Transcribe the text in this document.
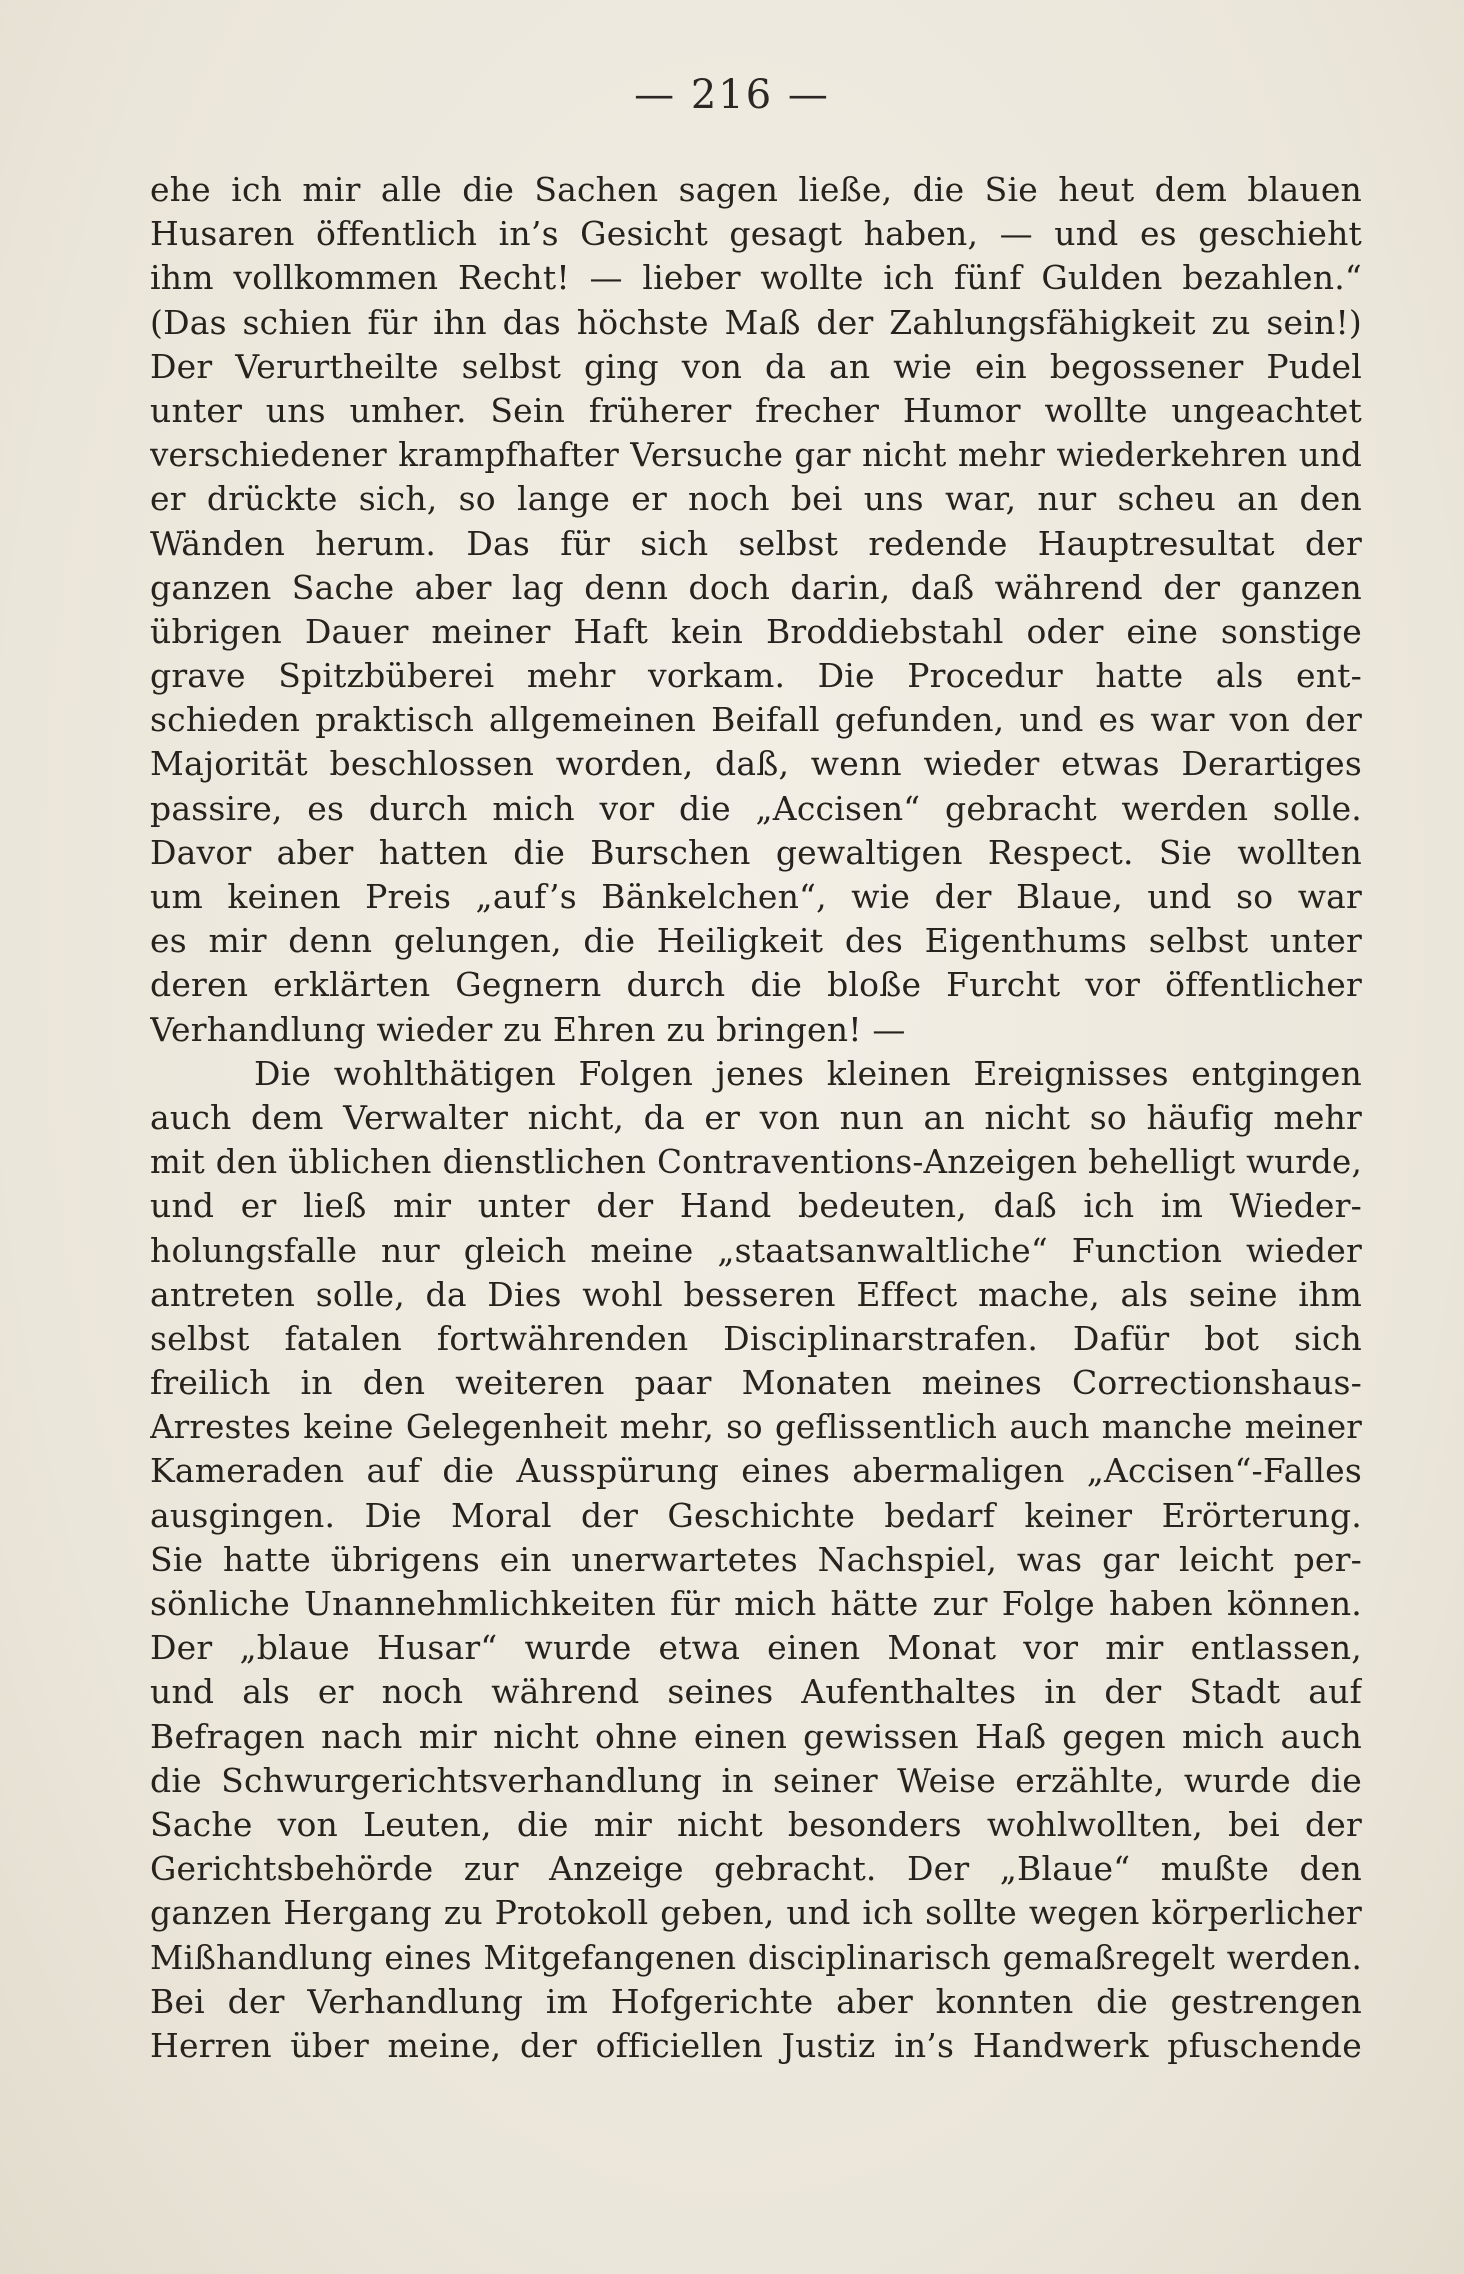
— 216 —
ehe ich mir alle die Sachen sagen ließe, die Sie heut dem blauen
Husaren öffentlich in’s Gesicht gesagt haben, — und es geschieht
ihm vollkommen Recht! — lieber wollte ich fünf Gulden bezahlen.“
(Das schien für ihn das höchste Maß der Zahlungsfähigkeit zu sein!)
Der Verurtheilte selbst ging von da an wie ein begossener Pudel
unter uns umher. Sein früherer frecher Humor wollte ungeachtet
verschiedener krampfhafter Versuche gar nicht mehr wiederkehren und
er drückte sich, so lange er noch bei uns war, nur scheu an den
Wänden herum. Das für sich selbst redende Hauptresultat der
ganzen Sache aber lag denn doch darin, daß während der ganzen
übrigen Dauer meiner Haft kein Broddiebstahl oder eine sonstige
grave Spitzbüberei mehr vorkam. Die Procedur hatte als ent-
schieden praktisch allgemeinen Beifall gefunden, und es war von der
Majorität beschlossen worden, daß, wenn wieder etwas Derartiges
passire, es durch mich vor die „Accisen“ gebracht werden solle.
Davor aber hatten die Burschen gewaltigen Respect. Sie wollten
um keinen Preis „auf’s Bänkelchen“, wie der Blaue, und so war
es mir denn gelungen, die Heiligkeit des Eigenthums selbst unter
deren erklärten Gegnern durch die bloße Furcht vor öffentlicher
Verhandlung wieder zu Ehren zu bringen! —
Die wohlthätigen Folgen jenes kleinen Ereignisses entgingen
auch dem Verwalter nicht, da er von nun an nicht so häufig mehr
mit den üblichen dienstlichen Contraventions-Anzeigen behelligt wurde,
und er ließ mir unter der Hand bedeuten, daß ich im Wieder-
holungsfalle nur gleich meine „staatsanwaltliche“ Function wieder
antreten solle, da Dies wohl besseren Effect mache, als seine ihm
selbst fatalen fortwährenden Disciplinarstrafen. Dafür bot sich
freilich in den weiteren paar Monaten meines Correctionshaus-
Arrestes keine Gelegenheit mehr, so geflissentlich auch manche meiner
Kameraden auf die Ausspürung eines abermaligen „Accisen“-Falles
ausgingen. Die Moral der Geschichte bedarf keiner Erörterung.
Sie hatte übrigens ein unerwartetes Nachspiel, was gar leicht per-
sönliche Unannehmlichkeiten für mich hätte zur Folge haben können.
Der „blaue Husar“ wurde etwa einen Monat vor mir entlassen,
und als er noch während seines Aufenthaltes in der Stadt auf
Befragen nach mir nicht ohne einen gewissen Haß gegen mich auch
die Schwurgerichtsverhandlung in seiner Weise erzählte, wurde die
Sache von Leuten, die mir nicht besonders wohlwollten, bei der
Gerichtsbehörde zur Anzeige gebracht. Der „Blaue“ mußte den
ganzen Hergang zu Protokoll geben, und ich sollte wegen körperlicher
Mißhandlung eines Mitgefangenen disciplinarisch gemaßregelt werden.
Bei der Verhandlung im Hofgerichte aber konnten die gestrengen
Herren über meine, der officiellen Justiz in’s Handwerk pfuschende
